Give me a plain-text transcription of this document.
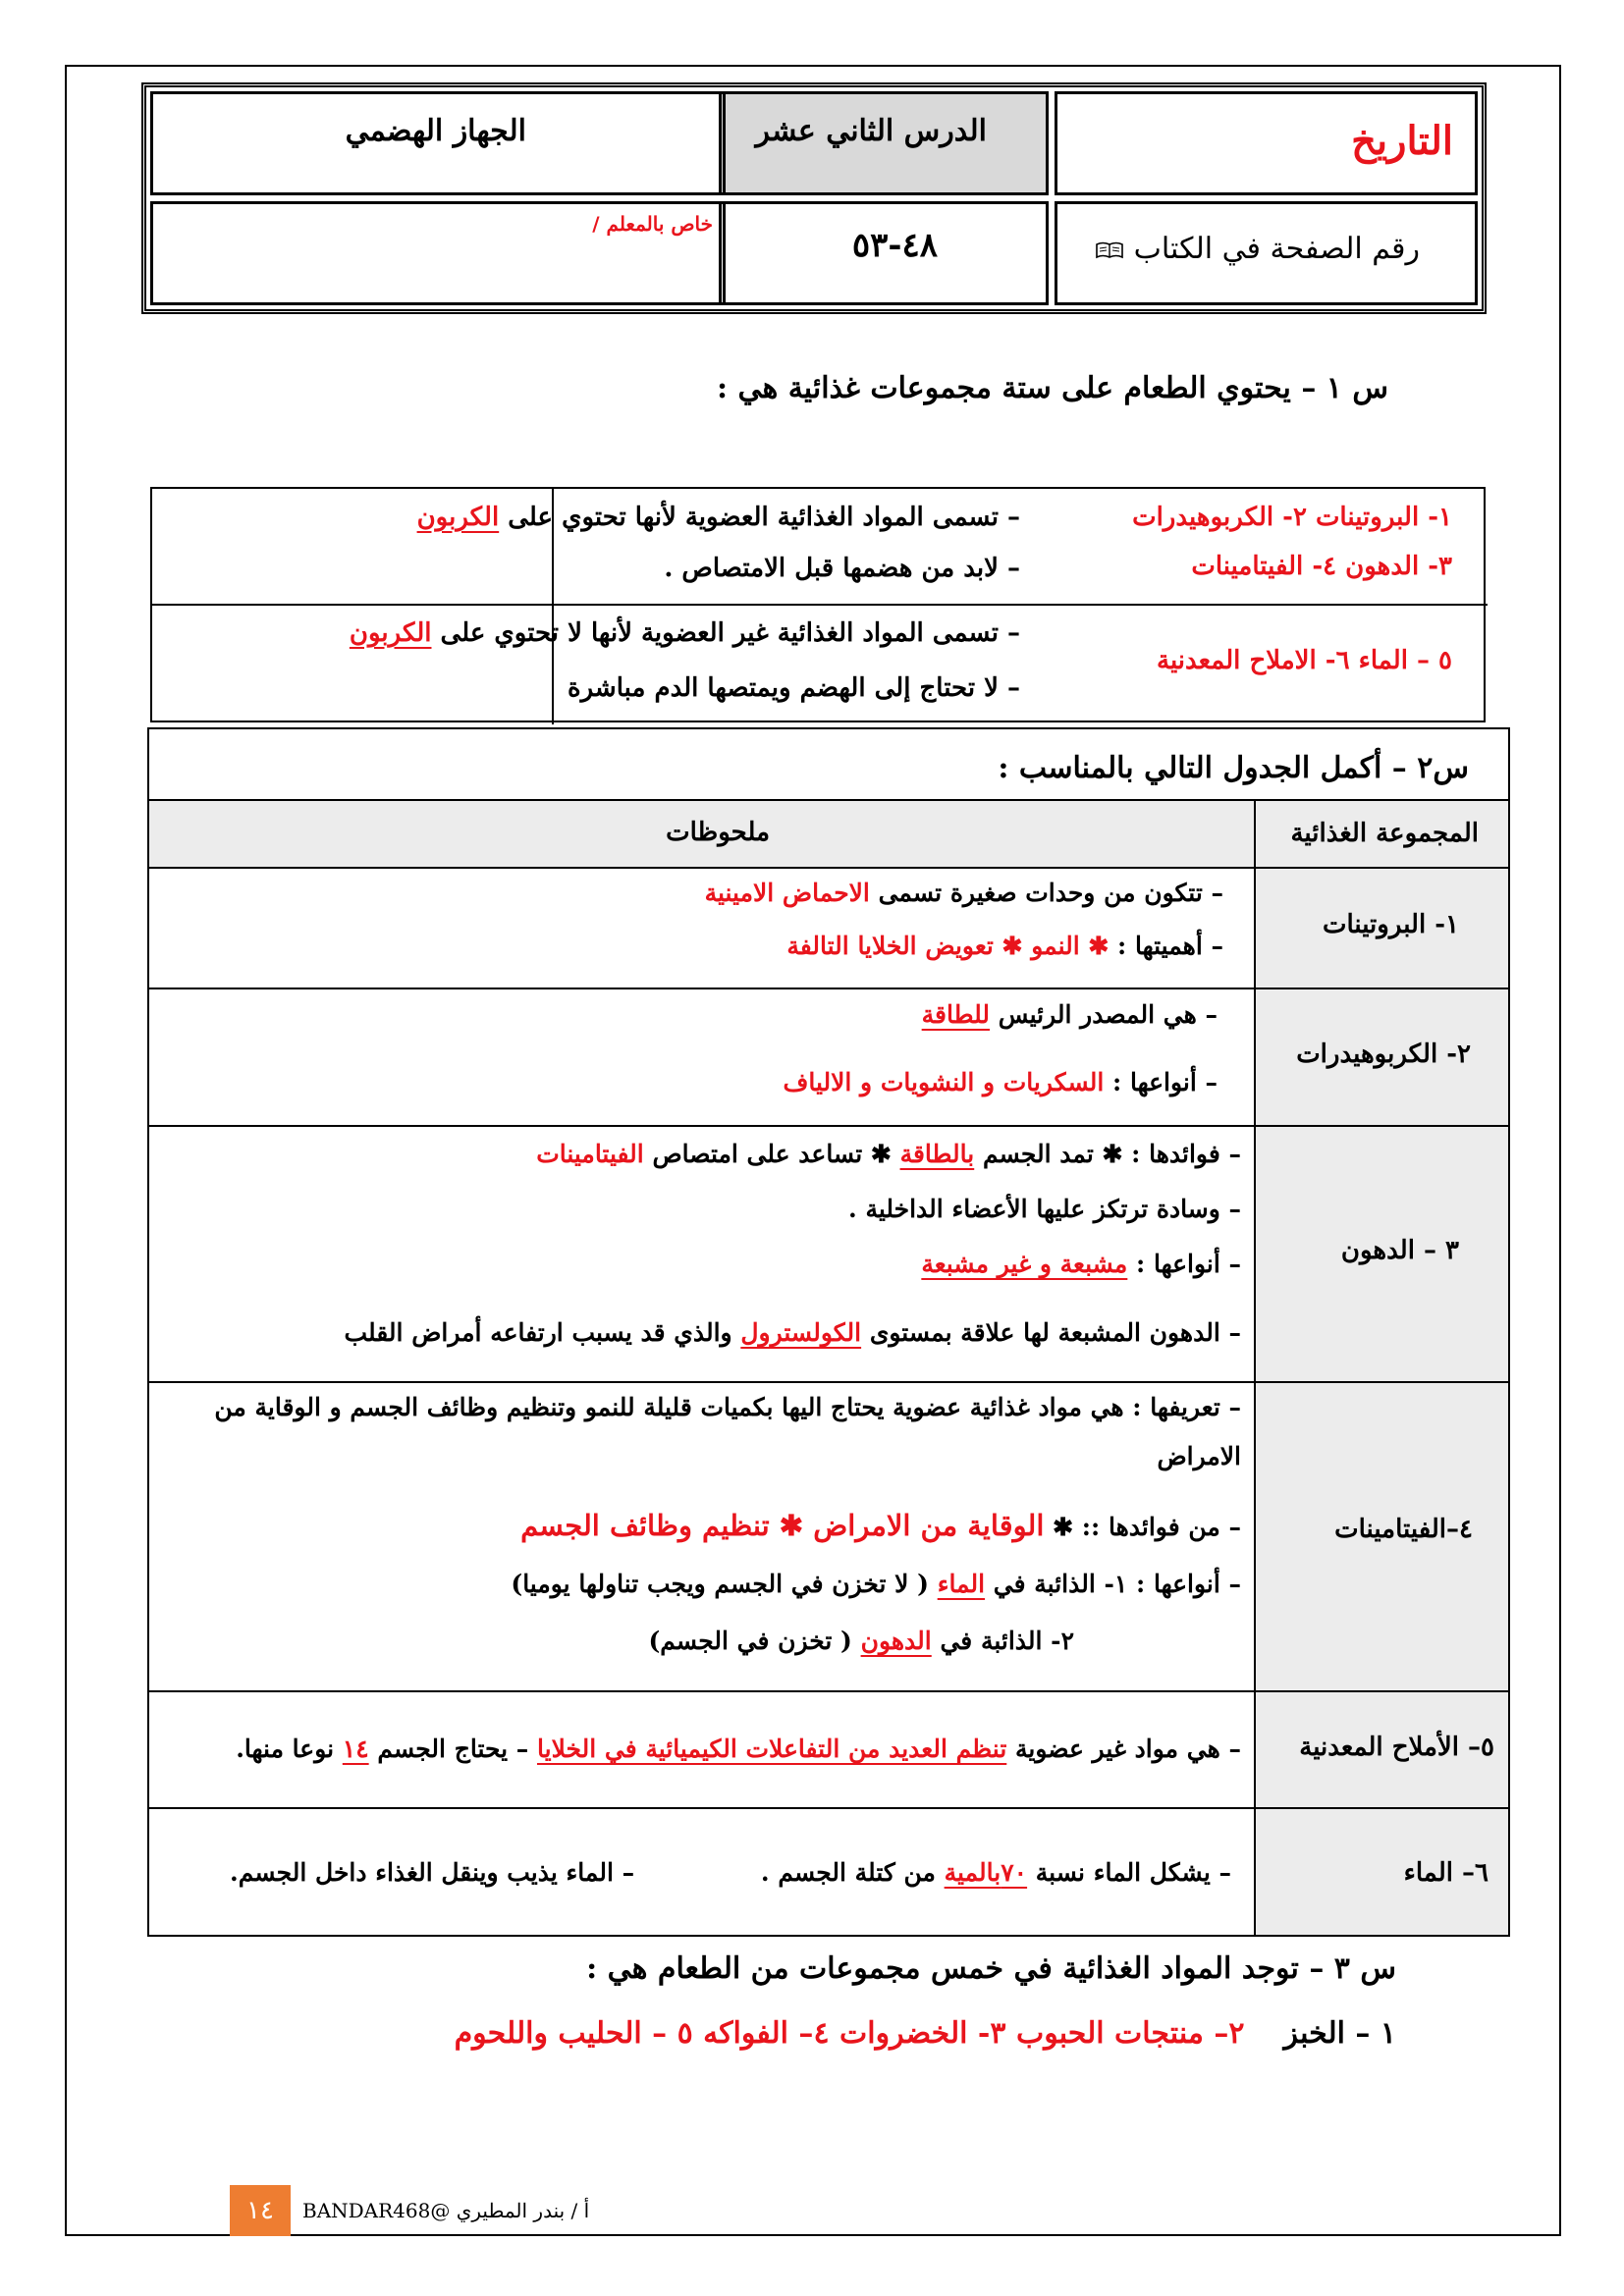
التاريخ
الدرس الثاني عشر
الجهاز الهضمي
رقم الصفحة في الكتاب
٤٨-٥٣
خاص بالمعلم /
س ١ – يحتوي الطعام على ستة مجموعات غذائية هي :
١- البروتينات ٢- الكربوهيدرات
٣- الدهون ٤- الفيتامينات
– تسمى المواد الغذائية العضوية لأنها تحتوي على الكربون
– لابد من هضمها قبل الامتصاص .
٥ – الماء ٦- الاملاح المعدنية
– تسمى المواد الغذائية غير العضوية لأنها لا تحتوي على الكربون
– لا تحتاج إلى الهضم ويمتصها الدم مباشرة
س٢ – أكمل الجدول التالي بالمناسب :
المجموعة الغذائية
ملحوظات
١- البروتينات
– تتكون من وحدات صغيرة تسمى الاحماض الامينية
– أهميتها : ✱ النمو ✱ تعويض الخلايا التالفة
٢- الكربوهيدرات
– هي المصدر الرئيس للطاقة
– أنواعها : السكريات و النشويات و الالياف
٣ – الدهون
– فوائدها : ✱ تمد الجسم بالطاقة ✱ تساعد على امتصاص الفيتامينات
– وسادة ترتكز عليها الأعضاء الداخلية .
– أنواعها : مشبعة و غير مشبعة
– الدهون المشبعة لها علاقة بمستوى الكولسترول والذي قد يسبب ارتفاعه أمراض القلب
٤–الفيتامينات
– تعريفها : هي مواد غذائية عضوية يحتاج اليها بكميات قليلة للنمو وتنظيم وظائف الجسم و الوقاية من
الامراض
– من فوائدها :: ✱ الوقاية من الامراض ✱ تنظيم وظائف الجسم
– أنواعها : ١- الذائبة في الماء ( لا تخزن في الجسم ويجب تناولها يوميا)
٢- الذائبة في الدهون ( تخزن في الجسم)
٥– الأملاح المعدنية
– هي مواد غير عضوية تنظم العديد من التفاعلات الكيميائية في الخلايا – يحتاج الجسم ١٤ نوعا منها.
٦– الماء
– يشكل الماء نسبة ٧٠بالمية من كتلة الجسم .
– الماء يذيب وينقل الغذاء داخل الجسم.
س ٣ – توجد المواد الغذائية في خمس مجموعات من الطعام هي :
١ – الخبز٢– منتجات الحبوب ٣- الخضروات ٤– الفواكه ٥ – الحليب واللحوم
١٤	أ / بندر المطيري @BANDAR468
